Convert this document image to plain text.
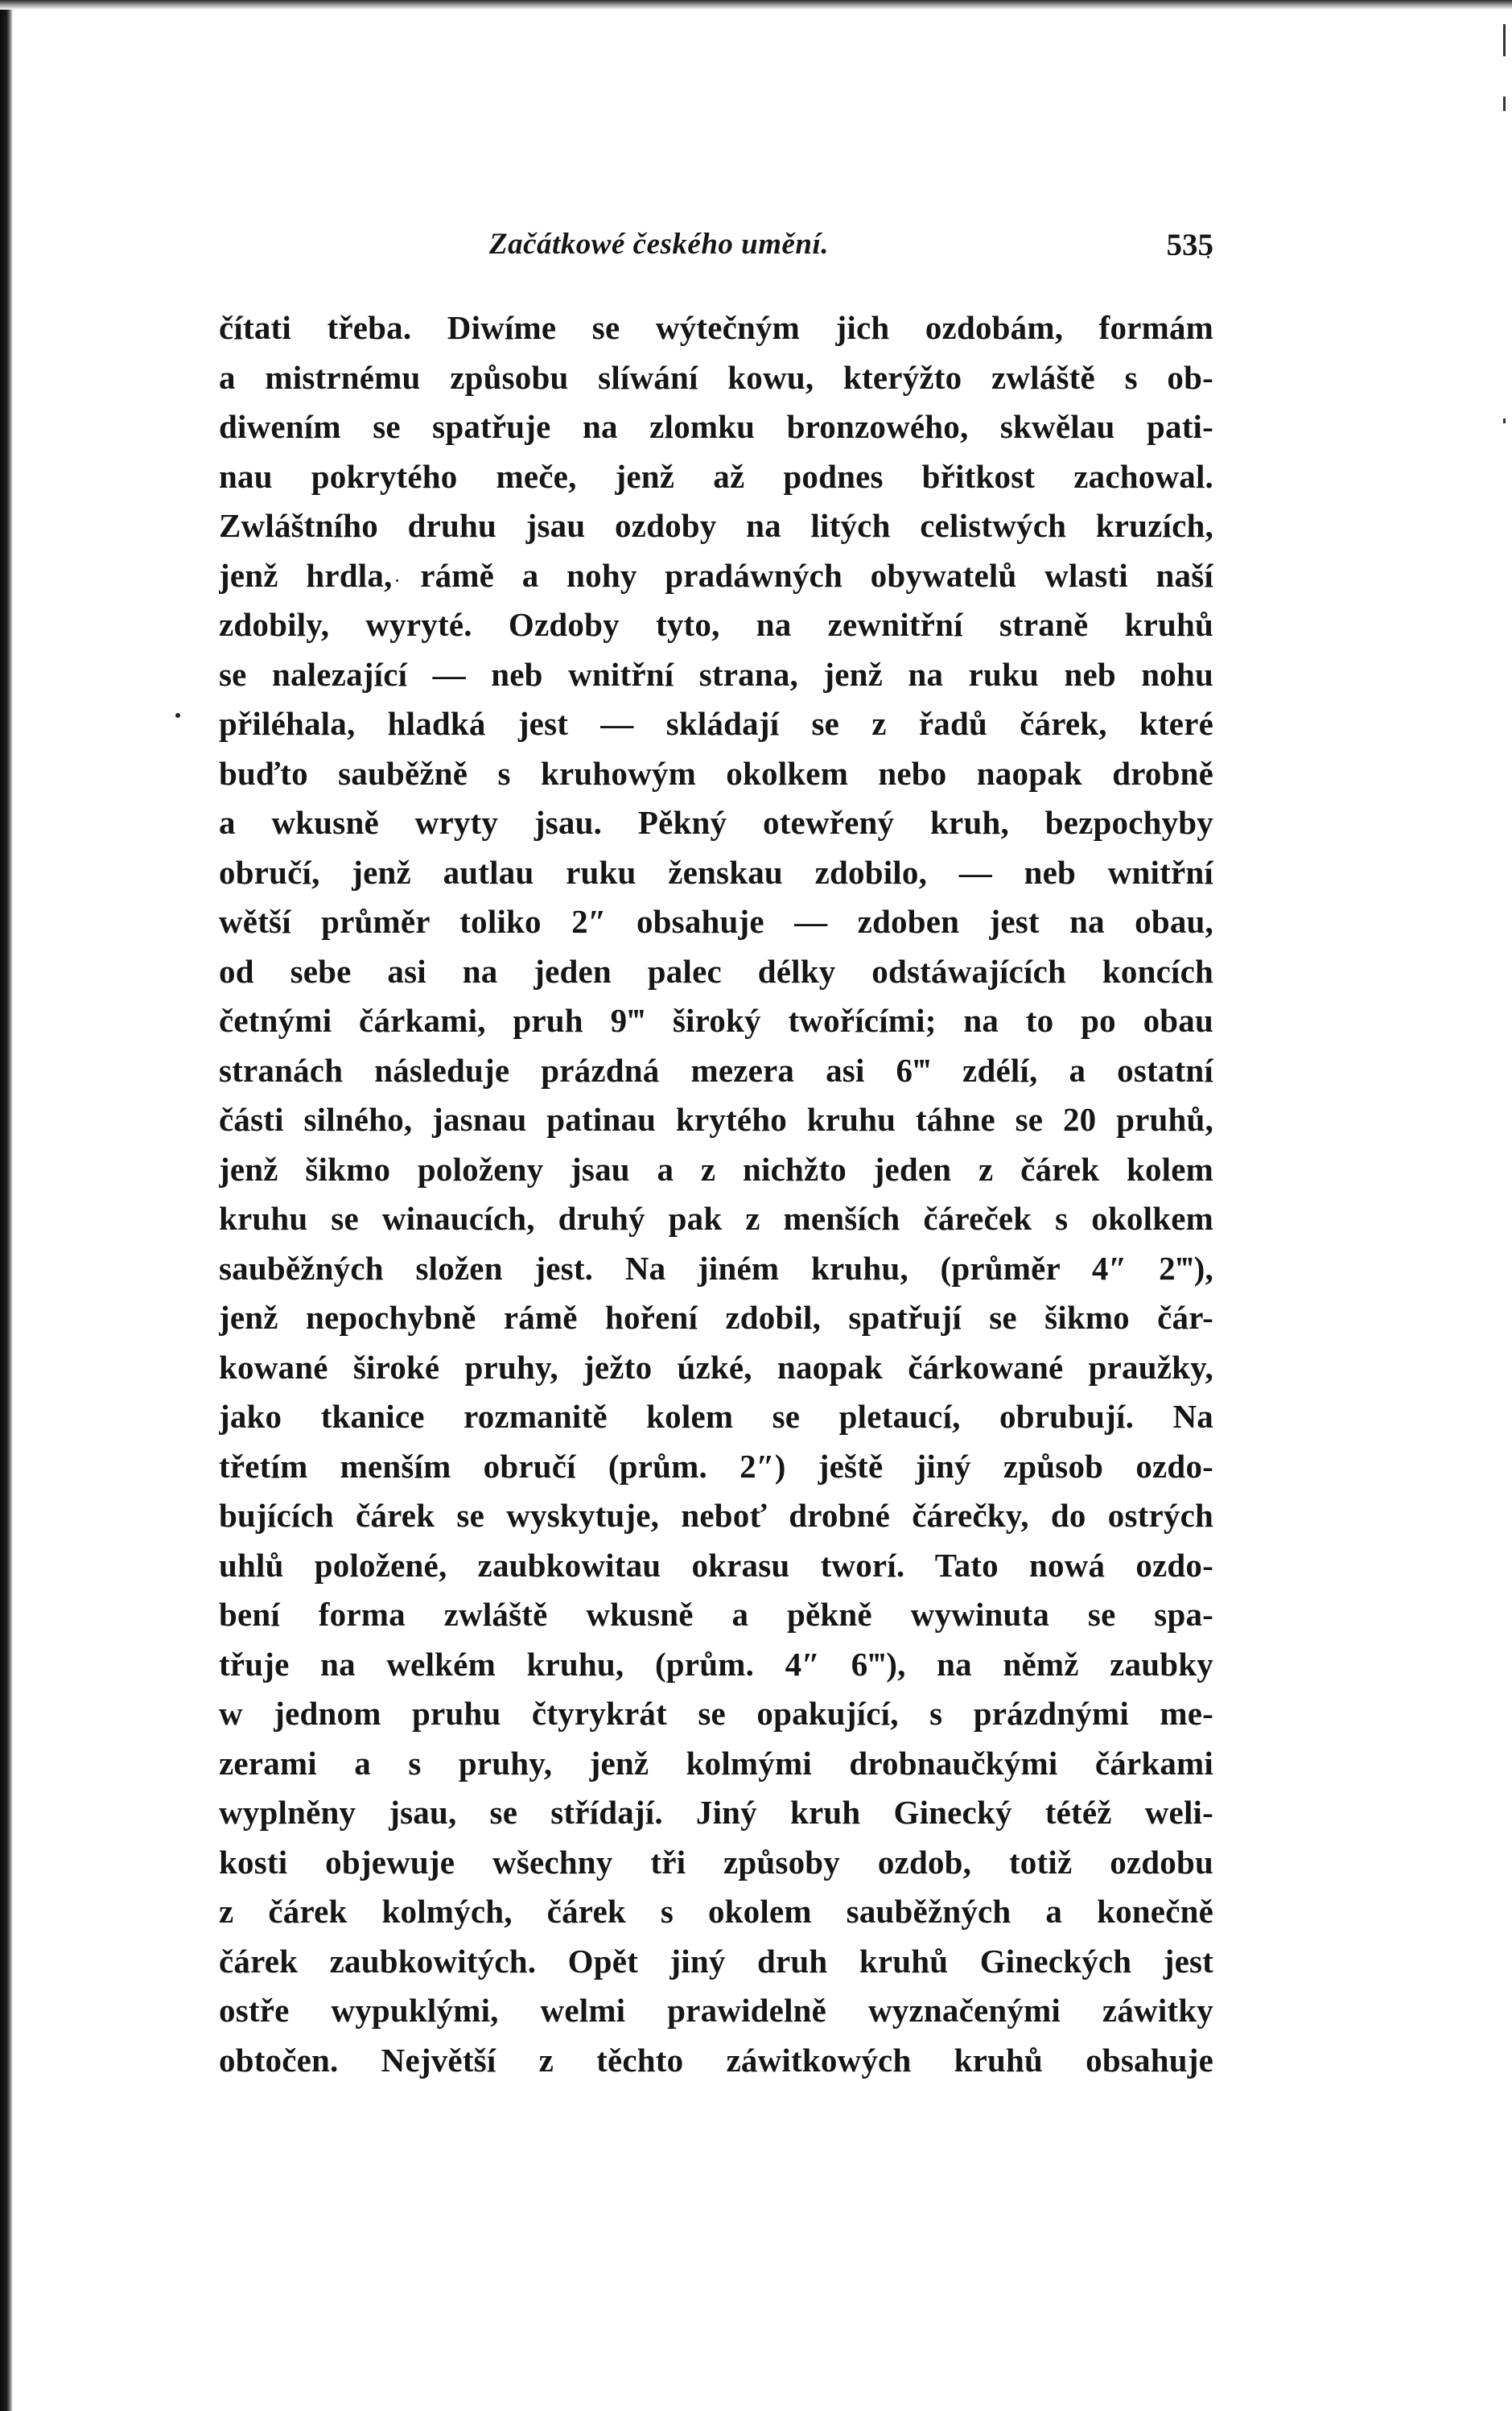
Začátkowé českého umění.	535
čítati třeba. Diwíme se wýtečným jich ozdobám, formám
a mistrnému způsobu slíwání kowu, kterýžto zwláště s ob-
diwením se spatřuje na zlomku bronzowého, skwělau pati-
nau pokrytého meče, jenž až podnes břitkost zachowal.
Zwláštního druhu jsau ozdoby na litých celistwých kruzích,
jenž hrdla, rámě a nohy pradáwných obywatelů wlasti naší
zdobily, wyryté. Ozdoby tyto, na zewnitřní straně kruhů
se nalezající — neb wnitřní strana, jenž na ruku neb nohu
přiléhala, hladká jest — skládají se z řadů čárek, které
buďto sauběžně s kruhowým okolkem nebo naopak drobně
a wkusně wryty jsau. Pěkný otewřený kruh, bezpochyby
obručí, jenž autlau ruku ženskau zdobilo, — neb wnitřní
wětší průměr toliko 2″ obsahuje — zdoben jest na obau,
od sebe asi na jeden palec délky odstáwajících koncích
četnými čárkami, pruh 9‴ široký twořícími; na to po obau
stranách následuje prázdná mezera asi 6‴ zdélí, a ostatní
části silného, jasnau patinau krytého kruhu táhne se 20 pruhů,
jenž šikmo položeny jsau a z nichžto jeden z čárek kolem
kruhu se winaucích, druhý pak z menších čáreček s okolkem
sauběžných složen jest. Na jiném kruhu, (průměr 4″ 2‴),
jenž nepochybně rámě hoření zdobil, spatřují se šikmo čár-
kowané široké pruhy, ježto úzké, naopak čárkowané praužky,
jako tkanice rozmanitě kolem se pletaucí, obrubují. Na
třetím menším obručí (prům. 2″) ještě jiný způsob ozdo-
bujících čárek se wyskytuje, neboť drobné čárečky, do ostrých
uhlů položené, zaubkowitau okrasu tworí. Tato nowá ozdo-
bení forma zwláště wkusně a pěkně wywinuta se spa-
třuje na welkém kruhu, (prům. 4″ 6‴), na němž zaubky
w jednom pruhu čtyrykrát se opakující, s prázdnými me-
zerami a s pruhy, jenž kolmými drobnaučkými čárkami
wyplněny jsau, se střídají. Jiný kruh Ginecký tétéž weli-
kosti objewuje wšechny tři způsoby ozdob, totiž ozdobu
z čárek kolmých, čárek s okolem sauběžných a konečně
čárek zaubkowitých. Opět jiný druh kruhů Gineckých jest
ostře wypuklými, welmi prawidelně wyznačenými záwitky
obtočen. Největší z těchto záwitkowých kruhů obsahuje
